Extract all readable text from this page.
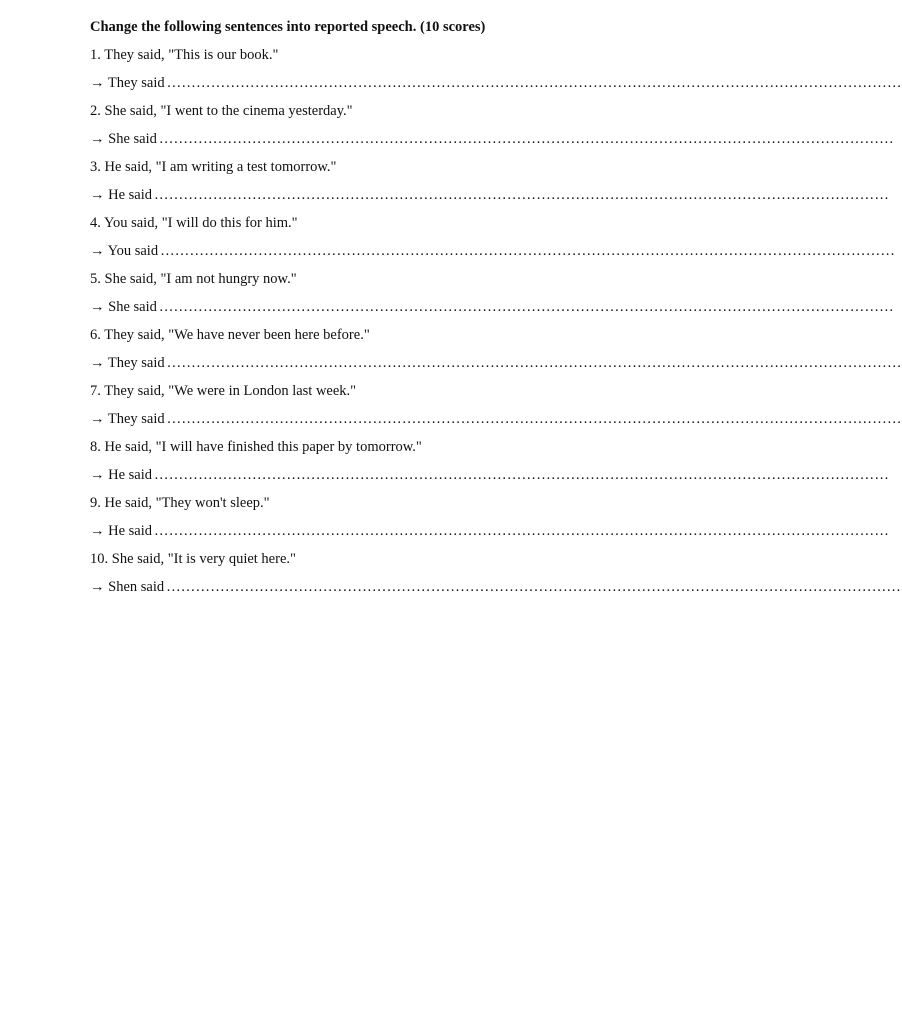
Change the following sentences into reported speech. (10 scores)
1. They said, "This is our book."
→ They said ……………………………………………………………………………………………………………………………………
2. She said, "I went to the cinema yesterday."
→ She said ……………………………………………………………………………………………………………………………………
3. He said, "I am writing a test tomorrow."
→ He said ……………………………………………………………………………………………………………………………………
4. You said, "I will do this for him."
→ You said ……………………………………………………………………………………………………………………………………
5. She said, "I am not hungry now."
→ She said ……………………………………………………………………………………………………………………………………
6. They said, "We have never been here before."
→ They said ……………………………………………………………………………………………………………………………………
7. They said, "We were in London last week."
→ They said ……………………………………………………………………………………………………………………………………
8. He said, "I will have finished this paper by tomorrow."
→ He said ……………………………………………………………………………………………………………………………………
9. He said, "They won't sleep."
→ He said ……………………………………………………………………………………………………………………………………
10. She said, "It is very quiet here."
→ Shen said ……………………………………………………………………………………………………………………………………
